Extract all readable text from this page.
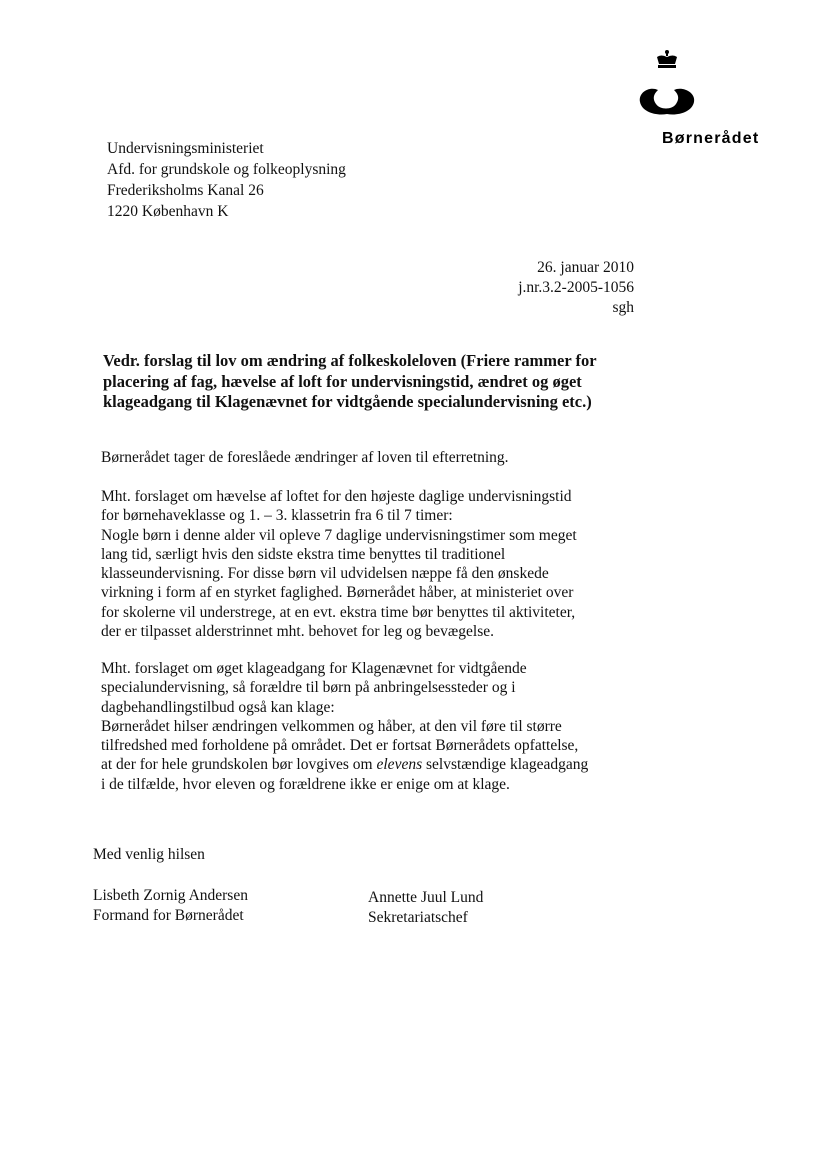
Børnerådet
Undervisningsministeriet
Afd. for grundskole og folkeoplysning
Frederiksholms Kanal 26
1220 København K
26. januar 2010
j.nr.3.2-2005-1056
sgh
Vedr. forslag til lov om ændring af folkeskoleloven (Friere rammer for
placering af fag, hævelse af loft for undervisningstid, ændret og øget
klageadgang til Klagenævnet for vidtgående specialundervisning etc.)
Børnerådet tager de foreslåede ændringer af loven til efterretning.
Mht. forslaget om hævelse af loftet for den højeste daglige undervisningstid
for børnehaveklasse og 1. – 3. klassetrin fra 6 til 7 timer:
Nogle børn i denne alder vil opleve 7 daglige undervisningstimer som meget
lang tid, særligt hvis den sidste ekstra time benyttes til traditionel
klasseundervisning. For disse børn vil udvidelsen næppe få den ønskede
virkning i form af en styrket faglighed. Børnerådet håber, at ministeriet over
for skolerne vil understrege, at en evt. ekstra time bør benyttes til aktiviteter,
der er tilpasset alderstrinnet mht. behovet for leg og bevægelse.
Mht. forslaget om øget klageadgang for Klagenævnet for vidtgående
specialundervisning, så forældre til børn på anbringelsessteder og i
dagbehandlingstilbud også kan klage:
Børnerådet hilser ændringen velkommen og håber, at den vil føre til større
tilfredshed med forholdene på området. Det er fortsat Børnerådets opfattelse,
at der for hele grundskolen bør lovgives om elevens selvstændige klageadgang
i de tilfælde, hvor eleven og forældrene ikke er enige om at klage.
Med venlig hilsen
Lisbeth Zornig Andersen
Formand for Børnerådet
Annette Juul Lund
Sekretariatschef
